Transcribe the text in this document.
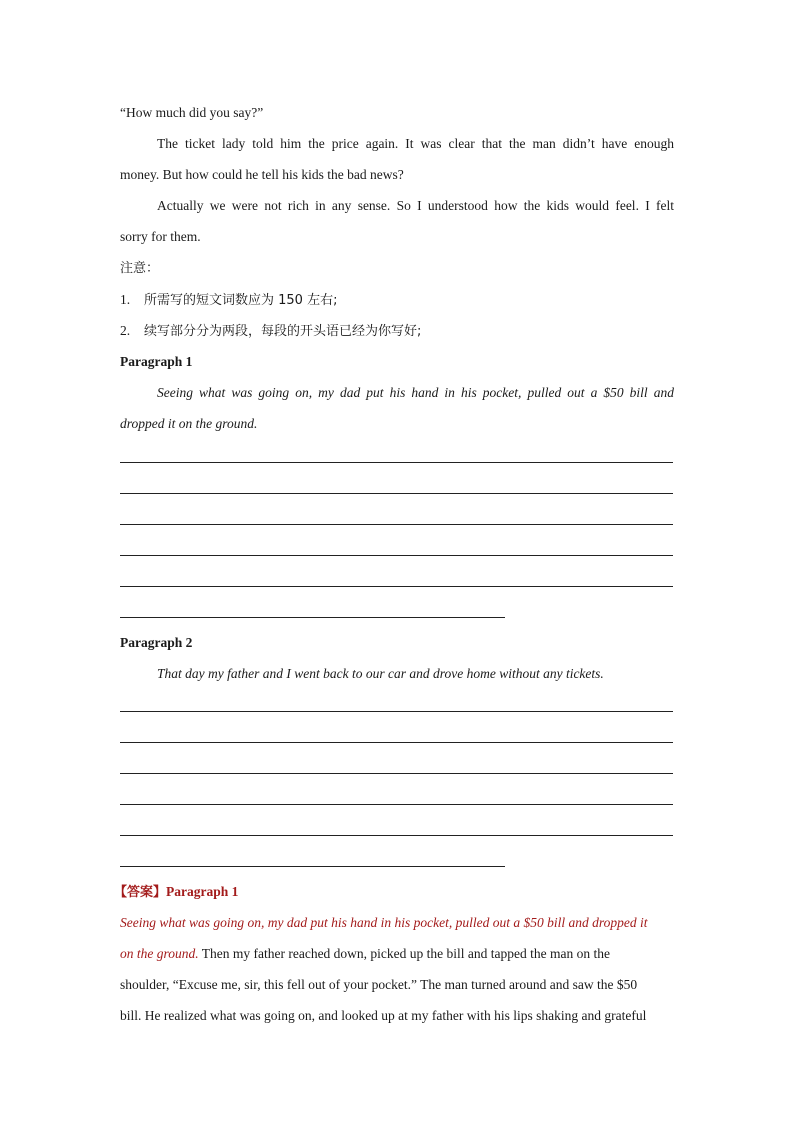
“How much did you say?”
The ticket lady told him the price again. It was clear that the man didn’t have enough
money. But how could he tell his kids the bad news?
Actually we were not rich in any sense. So I understood how the kids would feel. I felt
sorry for them.
注意：
1. 所需写的短文词数应为 150 左右;
2. 续写部分分为两段，每段的开头语已经为你写好;
Paragraph 1
Seeing what was going on, my dad put his hand in his pocket, pulled out a $50 bill and
dropped it on the ground.
Paragraph 2
That day my father and I went back to our car and drove home without any tickets.
【答案】Paragraph 1
Seeing what was going on, my dad put his hand in his pocket, pulled out a $50 bill and dropped it
on the ground. Then my father reached down, picked up the bill and tapped the man on the
shoulder, “Excuse me, sir, this fell out of your pocket.” The man turned around and saw the $50
bill. He realized what was going on, and looked up at my father with his lips shaking and grateful
